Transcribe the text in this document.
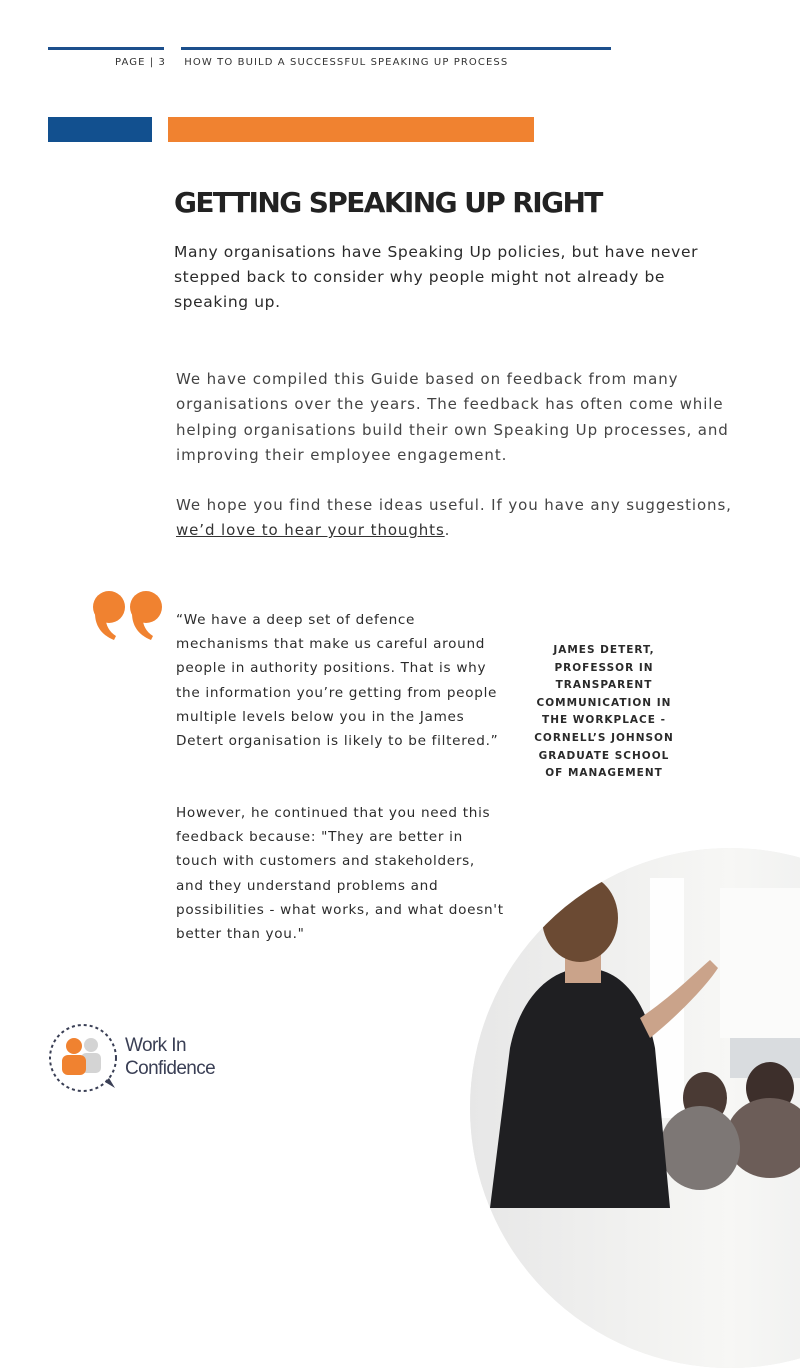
PAGE | 3 HOW TO BUILD A SUCCESSFUL SPEAKING UP PROCESS
GETTING SPEAKING UP RIGHT

Many organisations have Speaking Up policies, but have never stepped back to consider why people might not already be speaking up.

We have compiled this Guide based on feedback from many organisations over the years. The feedback has often come while helping organisations build their own Speaking Up processes, and improving their employee engagement.

We hope you find these ideas useful. If you have any suggestions, we’d love to hear your thoughts.

“We have a deep set of defence mechanisms that make us careful around people in authority positions. That is why the information you’re getting from people multiple levels below you in the James Detert organisation is likely to be filtered.”

However, he continued that you need this feedback because: "They are better in touch with customers and stakeholders, and they understand problems and possibilities - what works, and what doesn't better than you."

JAMES DETERT, PROFESSOR IN TRANSPARENT COMMUNICATION IN THE WORKPLACE - CORNELL’S JOHNSON GRADUATE SCHOOL OF MANAGEMENT

Work In
Confidence
